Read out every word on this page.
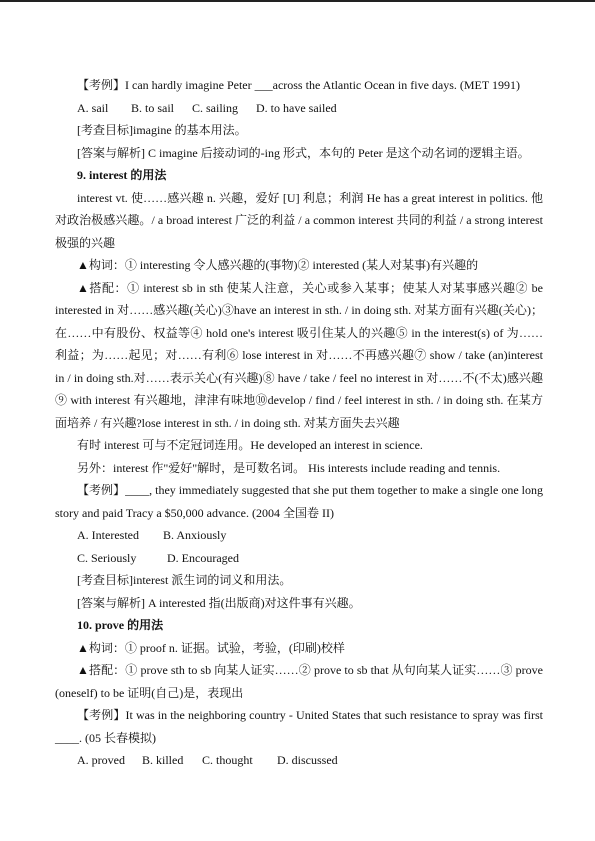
【考例】I can hardly imagine Peter ___across the Atlantic Ocean in five days. (MET 1991)

A. sail B. to sail C. sailing D. to have sailed

[考查目标]imagine 的基本用法。

[答案与解析] C imagine 后接动词的-ing 形式，本句的 Peter 是这个动名词的逻辑主语。

9. interest 的用法

interest vt. 使……感兴趣 n. 兴趣，爱好 [U] 利息；利润 He has a great interest in politics. 他对政治极感兴趣。/ a broad interest 广泛的利益 / a common interest 共同的利益 / a strong interest 极强的兴趣

▲构词：① interesting 令人感兴趣的(事物)② interested (某人对某事)有兴趣的

▲搭配：① interest sb in sth 使某人注意，关心或参入某事；使某人对某事感兴趣② be interested in 对……感兴趣(关心)③have an interest in sth. / in doing sth. 对某方面有兴趣(关心)；在……中有股份、权益等④ hold one's interest 吸引住某人的兴趣⑤ in the interest(s) of 为……利益；为……起见；对……有利⑥ lose interest in 对……不再感兴趣⑦ show / take (an)interest in / in doing sth.对……表示关心(有兴趣)⑧ have / take / feel no interest in 对……不(不太)感兴趣⑨ with interest 有兴趣地，津津有味地⑩develop / find / feel interest in sth. / in doing sth. 在某方面培养 / 有兴趣?lose interest in sth. / in doing sth. 对某方面失去兴趣

有时 interest 可与不定冠词连用。He developed an interest in science.

另外：interest 作"爱好"解时，是可数名词。 His interests include reading and tennis.

【考例】____, they immediately suggested that she put them together to make a single one long story and paid Tracy a $50,000 advance. (2004 全国卷 II)

A. Interested B. Anxiously

C. Seriously	D. Encouraged

[考查目标]interest 派生词的词义和用法。

[答案与解析] A interested 指(出版商)对这件事有兴趣。

10. prove 的用法

▲构词：① proof n. 证据。试验，考验，(印刷)校样

▲搭配：① prove sth to sb 向某人证实……② prove to sb that 从句向某人证实……③ prove (oneself) to be 证明(自己)是，表现出

【考例】It was in the neighboring country - United States that such resistance to spray was first ____. (05 长春模拟)

A. proved B. killed C. thought D. discussed
